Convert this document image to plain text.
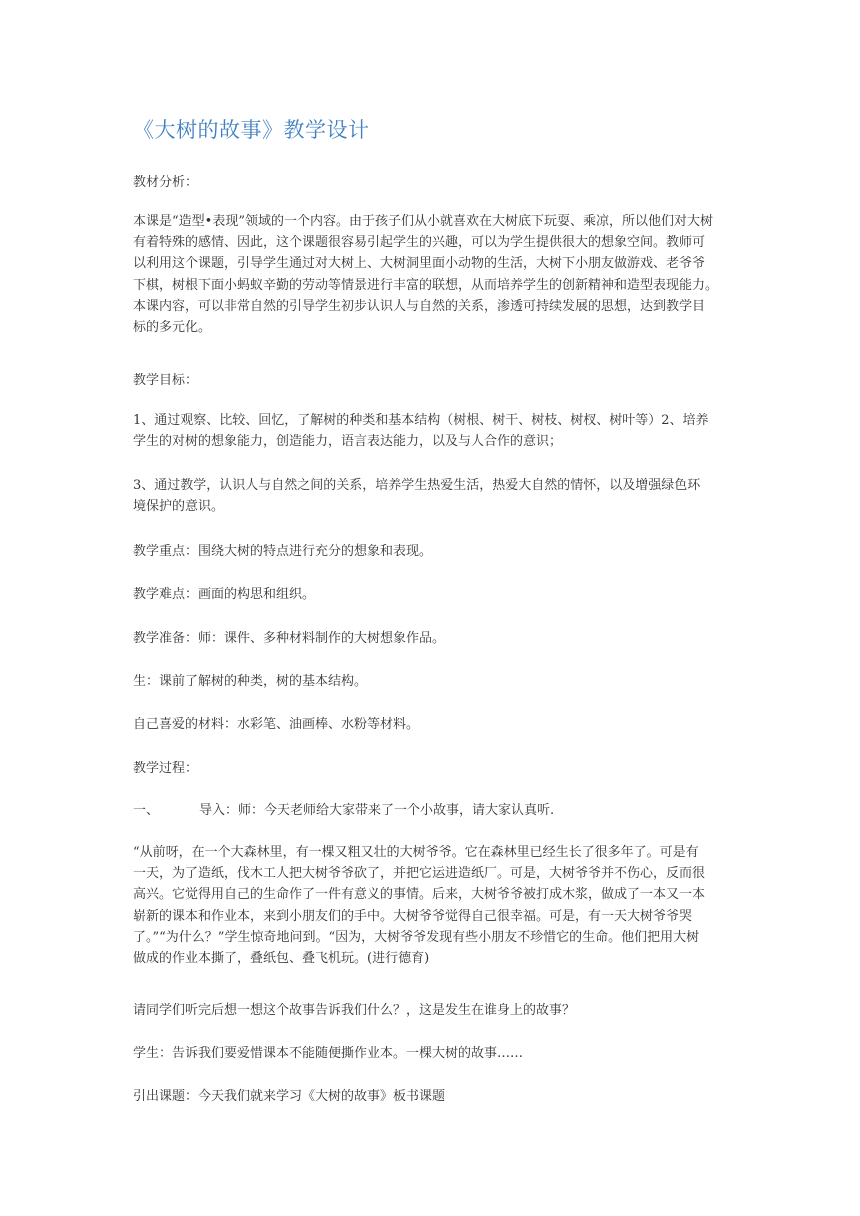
《大树的故事》教学设计
教材分析：
本课是“造型•表现”领域的一个内容。由于孩子们从小就喜欢在大树底下玩耍、乘凉，所以他们对大树
有着特殊的感情、因此，这个课题很容易引起学生的兴趣，可以为学生提供很大的想象空间。教师可
以利用这个课题，引导学生通过对大树上、大树洞里面小动物的生活，大树下小朋友做游戏、老爷爷
下棋，树根下面小蚂蚁辛勤的劳动等情景进行丰富的联想，从而培养学生的创新精神和造型表现能力。
本课内容，可以非常自然的引导学生初步认识人与自然的关系，渗透可持续发展的思想，达到教学目
标的多元化。
教学目标：
1、通过观察、比较、回忆，了解树的种类和基本结构（树根、树干、树枝、树杈、树叶等）2、培养
学生的对树的想象能力，创造能力，语言表达能力，以及与人合作的意识；
3、通过教学，认识人与自然之间的关系，培养学生热爱生活，热爱大自然的情怀，以及增强绿色环
境保护的意识。
教学重点：围绕大树的特点进行充分的想象和表现。
教学难点：画面的构思和组织。
教学准备：师：课件、多种材料制作的大树想象作品。
生：课前了解树的种类，树的基本结构。
自己喜爱的材料：水彩笔、油画棒、水粉等材料。
教学过程：
一、	导入：师：今天老师给大家带来了一个小故事，请大家认真听.
“从前呀，在一个大森林里，有一棵又粗又壮的大树爷爷。它在森林里已经生长了很多年了。可是有
一天，为了造纸，伐木工人把大树爷爷砍了，并把它运进造纸厂。可是，大树爷爷并不伤心，反而很
高兴。它觉得用自己的生命作了一件有意义的事情。后来，大树爷爷被打成木浆，做成了一本又一本
崭新的课本和作业本，来到小朋友们的手中。大树爷爷觉得自己很幸福。可是，有一天大树爷爷哭
了。”“为什么？”学生惊奇地问到。“因为，大树爷爷发现有些小朋友不珍惜它的生命。他们把用大树
做成的作业本撕了，叠纸包、叠飞机玩。(进行德育)
请同学们听完后想一想这个故事告诉我们什么？，这是发生在谁身上的故事？
学生：告诉我们要爱惜课本不能随便撕作业本。一棵大树的故事……
引出课题：今天我们就来学习《大树的故事》板书课题
